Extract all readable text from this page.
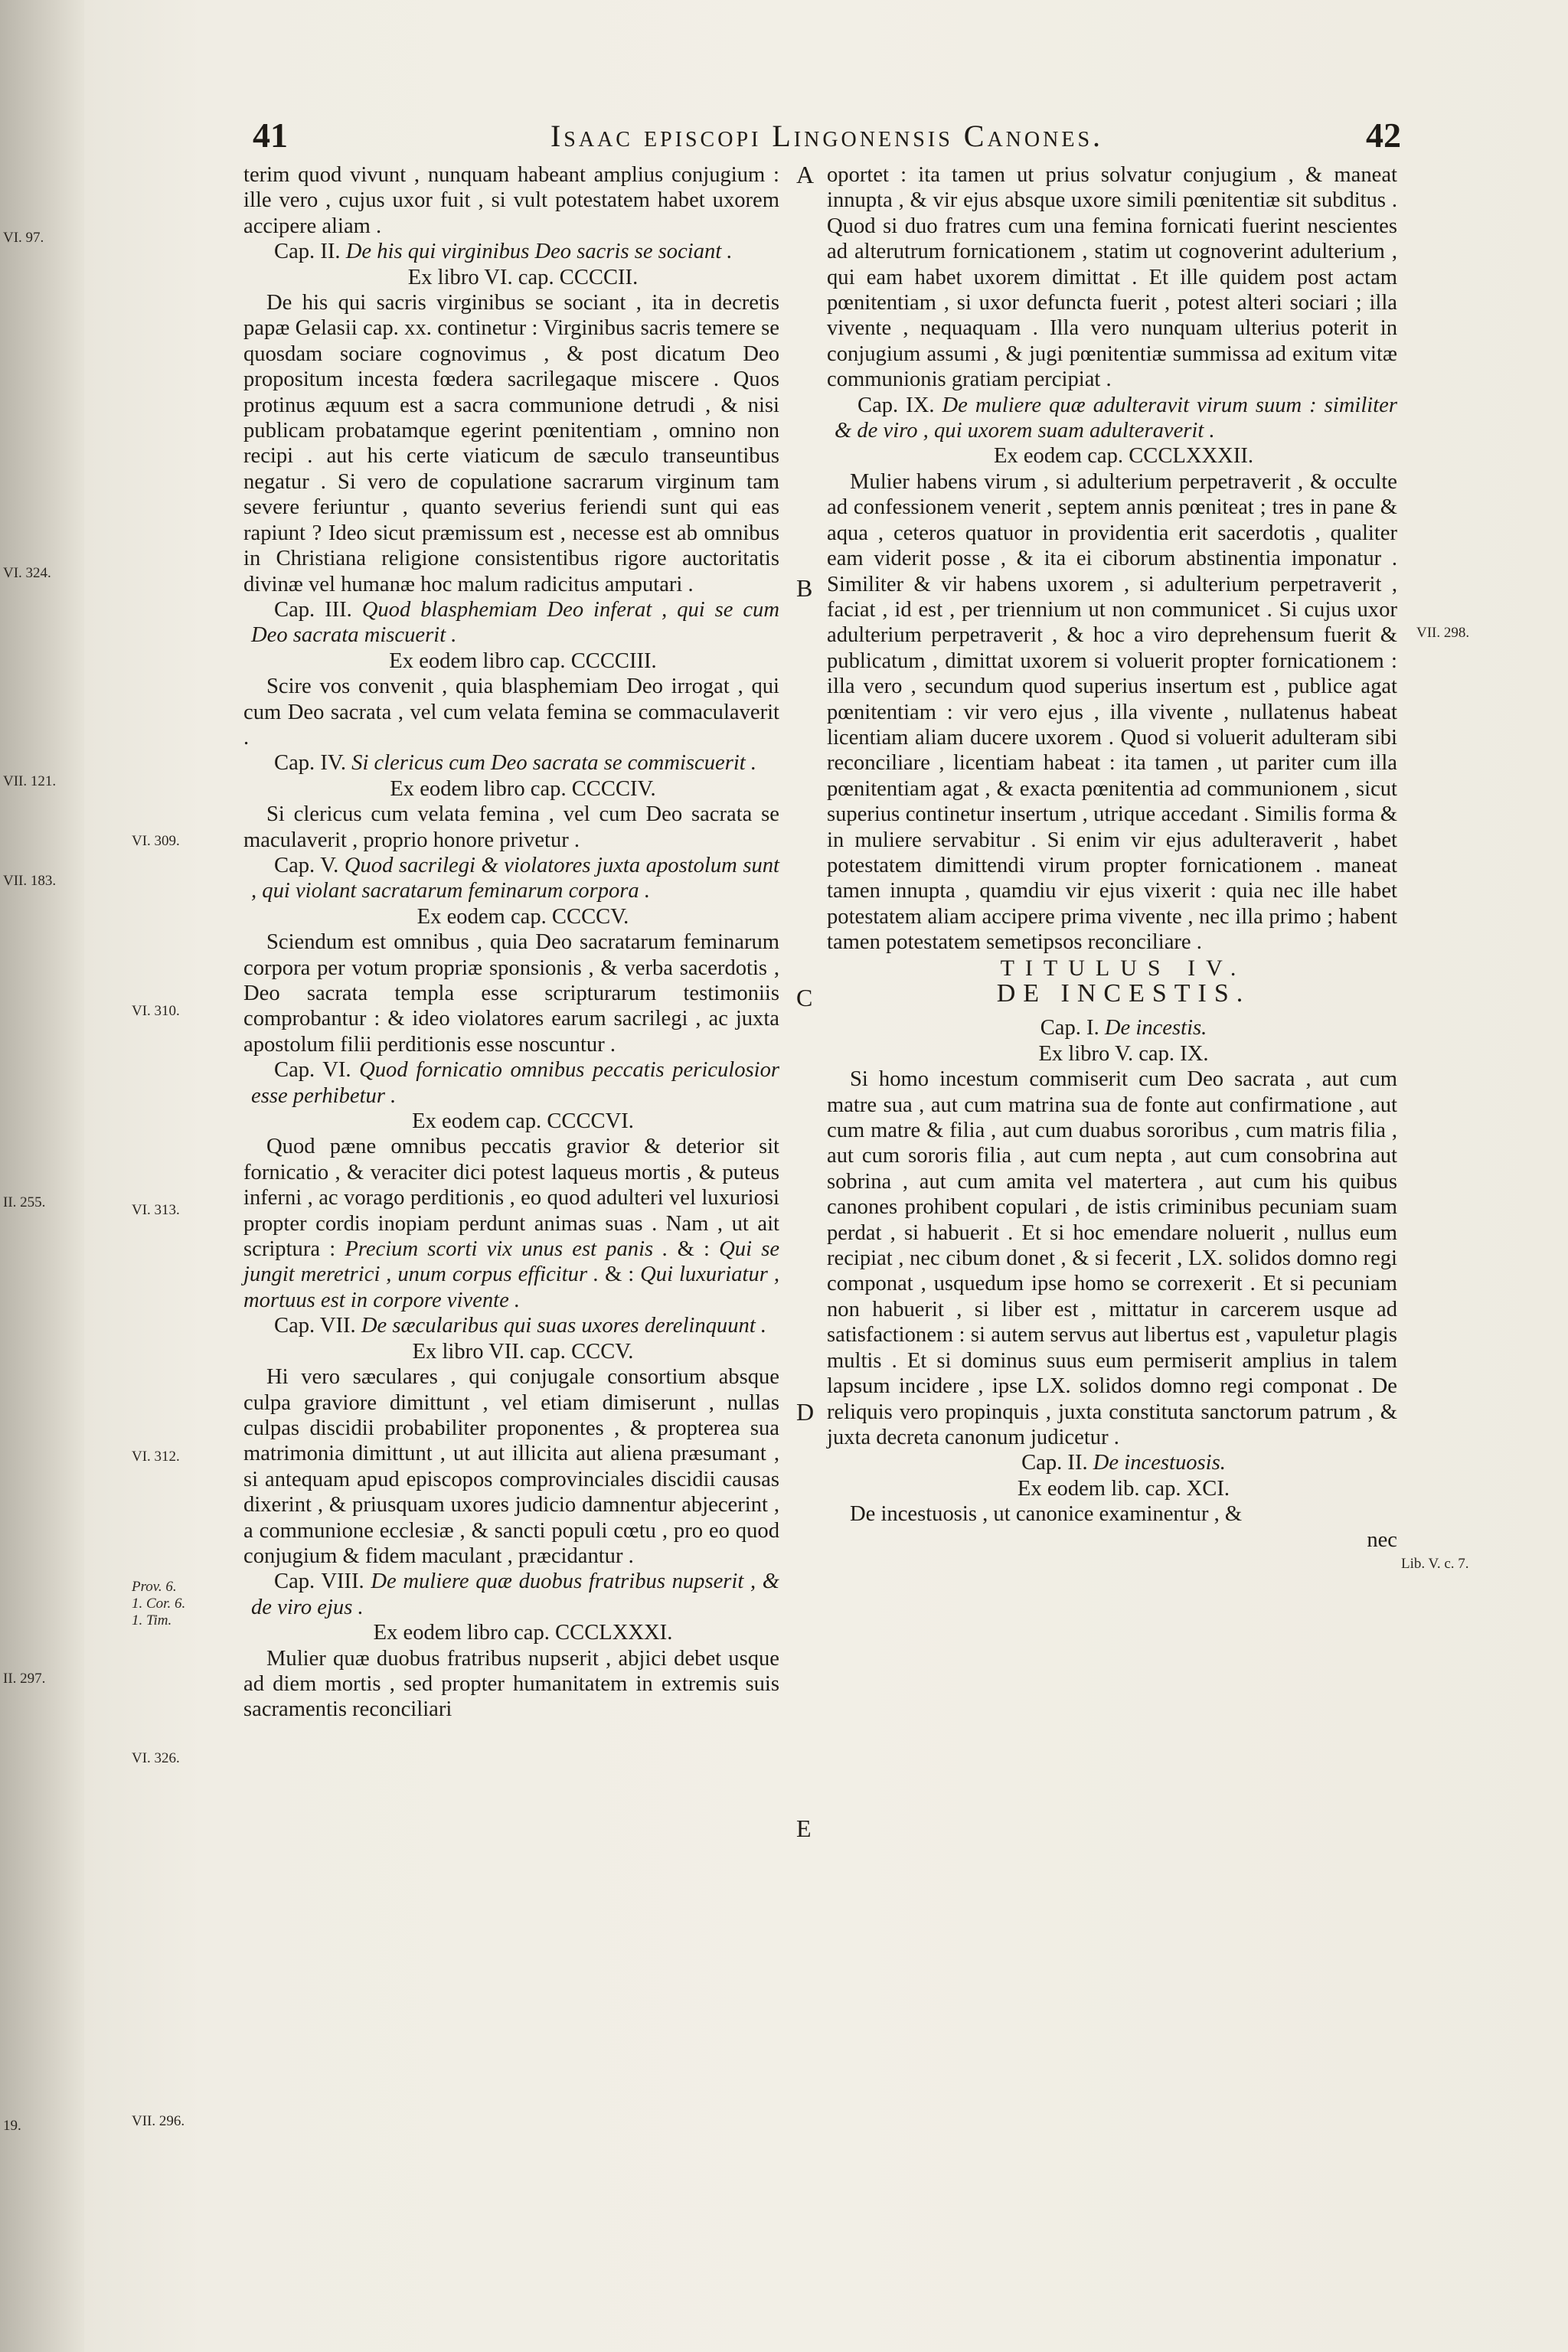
41	Isaac episcopi Lingonensis Canones.	42
VI. 97.
VI. 324.
VII. 121.
VII. 183.
II. 255.
II. 297.
19.
VI. 309.
VI. 310.
VI. 313.
VI. 312.
VI. 326.
VII. 296.
Prov. 6.
1. Cor. 6.
1. Tim.
VII. 298.
Lib. V. c. 7.
A
B
C
D
E

terim quod vivunt , nunquam habeant amplius conjugium : ille vero , cujus uxor fuit , si vult potestatem habet uxorem accipere aliam .

Cap. II. De his qui virginibus Deo sacris se sociant .

Ex libro VI. cap. CCCCII.

De his qui sacris virginibus se sociant , ita in decretis papæ Gelasii cap. xx. continetur : Virginibus sacris temere se quosdam sociare cognovimus , & post dicatum Deo propositum incesta fœdera sacrilegaque miscere . Quos protinus æquum est a sacra communione detrudi , & nisi publicam probatamque egerint pœnitentiam , omnino non recipi . aut his certe viaticum de sæculo transeuntibus negatur . Si vero de copulatione sacrarum virginum tam severe feriuntur , quanto severius feriendi sunt qui eas rapiunt ? Ideo sicut præmissum est , necesse est ab omnibus in Christiana religione consistentibus rigore auctoritatis divinæ vel humanæ hoc malum radicitus amputari .

Cap. III. Quod blasphemiam Deo inferat , qui se cum Deo sacrata miscuerit .

Ex eodem libro cap. CCCCIII.

Scire vos convenit , quia blasphemiam Deo irrogat , qui cum Deo sacrata , vel cum velata femina se commaculaverit .

Cap. IV. Si clericus cum Deo sacrata se commiscuerit .

Ex eodem libro cap. CCCCIV.

Si clericus cum velata femina , vel cum Deo sacrata se maculaverit , proprio honore privetur .

Cap. V. Quod sacrilegi & violatores juxta apostolum sunt , qui violant sacratarum feminarum corpora .

Ex eodem cap. CCCCV.

Sciendum est omnibus , quia Deo sacratarum feminarum corpora per votum propriæ sponsionis , & verba sacerdotis , Deo sacrata templa esse scripturarum testimoniis comprobantur : & ideo violatores earum sacrilegi , ac juxta apostolum filii perditionis esse noscuntur .

Cap. VI. Quod fornicatio omnibus peccatis periculosior esse perhibetur .

Ex eodem cap. CCCCVI.

Quod pæne omnibus peccatis gravior & deterior sit fornicatio , & veraciter dici potest laqueus mortis , & puteus inferni , ac vorago perditionis , eo quod adulteri vel luxuriosi propter cordis inopiam perdunt animas suas . Nam , ut ait scriptura : Precium scorti vix unus est panis . & : Qui se jungit meretrici , unum corpus efficitur . & : Qui luxuriatur , mortuus est in corpore vivente .

Cap. VII. De sæcularibus qui suas uxores derelinquunt .

Ex libro VII. cap. CCCV.

Hi vero sæculares , qui conjugale consortium absque culpa graviore dimittunt , vel etiam dimiserunt , nullas culpas discidii probabiliter proponentes , & propterea sua matrimonia dimittunt , ut aut illicita aut aliena præsumant , si antequam apud episcopos comprovinciales discidii causas dixerint , & priusquam uxores judicio damnentur abjecerint , a communione ecclesiæ , & sancti populi cœtu , pro eo quod conjugium & fidem maculant , præcidantur .

Cap. VIII. De muliere quæ duobus fratribus nupserit , & de viro ejus .

Ex eodem libro cap. CCCLXXXI.

Mulier quæ duobus fratribus nupserit , abjici debet usque ad diem mortis , sed propter humanitatem in extremis suis sacramentis reconciliari

oportet : ita tamen ut prius solvatur conjugium , & maneat innupta , & vir ejus absque uxore simili pœnitentiæ sit subditus . Quod si duo fratres cum una femina fornicati fuerint nescientes ad alterutrum fornicationem , statim ut cognoverint adulterium , qui eam habet uxorem dimittat . Et ille quidem post actam pœnitentiam , si uxor defuncta fuerit , potest alteri sociari ; illa vivente , nequaquam . Illa vero nunquam ulterius poterit in conjugium assumi , & jugi pœnitentiæ summissa ad exitum vitæ communionis gratiam percipiat .

Cap. IX. De muliere quæ adulteravit virum suum : similiter & de viro , qui uxorem suam adulteraverit .

Ex eodem cap. CCCLXXXII.

Mulier habens virum , si adulterium perpetraverit , & occulte ad confessionem venerit , septem annis pœniteat ; tres in pane & aqua , ceteros quatuor in providentia erit sacerdotis , qualiter eam viderit posse , & ita ei ciborum abstinentia imponatur . Similiter & vir habens uxorem , si adulterium perpetraverit , faciat , id est , per triennium ut non communicet . Si cujus uxor adulterium perpetraverit , & hoc a viro deprehensum fuerit & publicatum , dimittat uxorem si voluerit propter fornicationem : illa vero , secundum quod superius insertum est , publice agat pœnitentiam : vir vero ejus , illa vivente , nullatenus habeat licentiam aliam ducere uxorem . Quod si voluerit adulteram sibi reconciliare , licentiam habeat : ita tamen , ut pariter cum illa pœnitentiam agat , & exacta pœnitentia ad communionem , sicut superius continetur insertum , utrique accedant . Similis forma & in muliere servabitur . Si enim vir ejus adulteraverit , habet potestatem dimittendi virum propter fornicationem . maneat tamen innupta , quamdiu vir ejus vixerit : quia nec ille habet potestatem aliam accipere prima vivente , nec illa primo ; habent tamen potestatem semetipsos reconciliare .

TITULUS IV.

DE INCESTIS.

Cap. I. De incestis.

Ex libro V. cap. IX.

Si homo incestum commiserit cum Deo sacrata , aut cum matre sua , aut cum matrina sua de fonte aut confirmatione , aut cum matre & filia , aut cum duabus sororibus , cum matris filia , aut cum sororis filia , aut cum nepta , aut cum consobrina aut sobrina , aut cum amita vel matertera , aut cum his quibus canones prohibent copulari , de istis criminibus pecuniam suam perdat , si habuerit . Et si hoc emendare noluerit , nullus eum recipiat , nec cibum donet , & si fecerit , LX. solidos domno regi componat , usquedum ipse homo se correxerit . Et si pecuniam non habuerit , si liber est , mittatur in carcerem usque ad satisfactionem : si autem servus aut libertus est , vapuletur plagis multis . Et si dominus suus eum permiserit amplius in talem lapsum incidere , ipse LX. solidos domno regi componat . De reliquis vero propinquis , juxta constituta sanctorum patrum , & juxta decreta canonum judicetur .

Cap. II. De incestuosis.

Ex eodem lib. cap. XCI.

De incestuosis , ut canonice examinentur , &

nec
